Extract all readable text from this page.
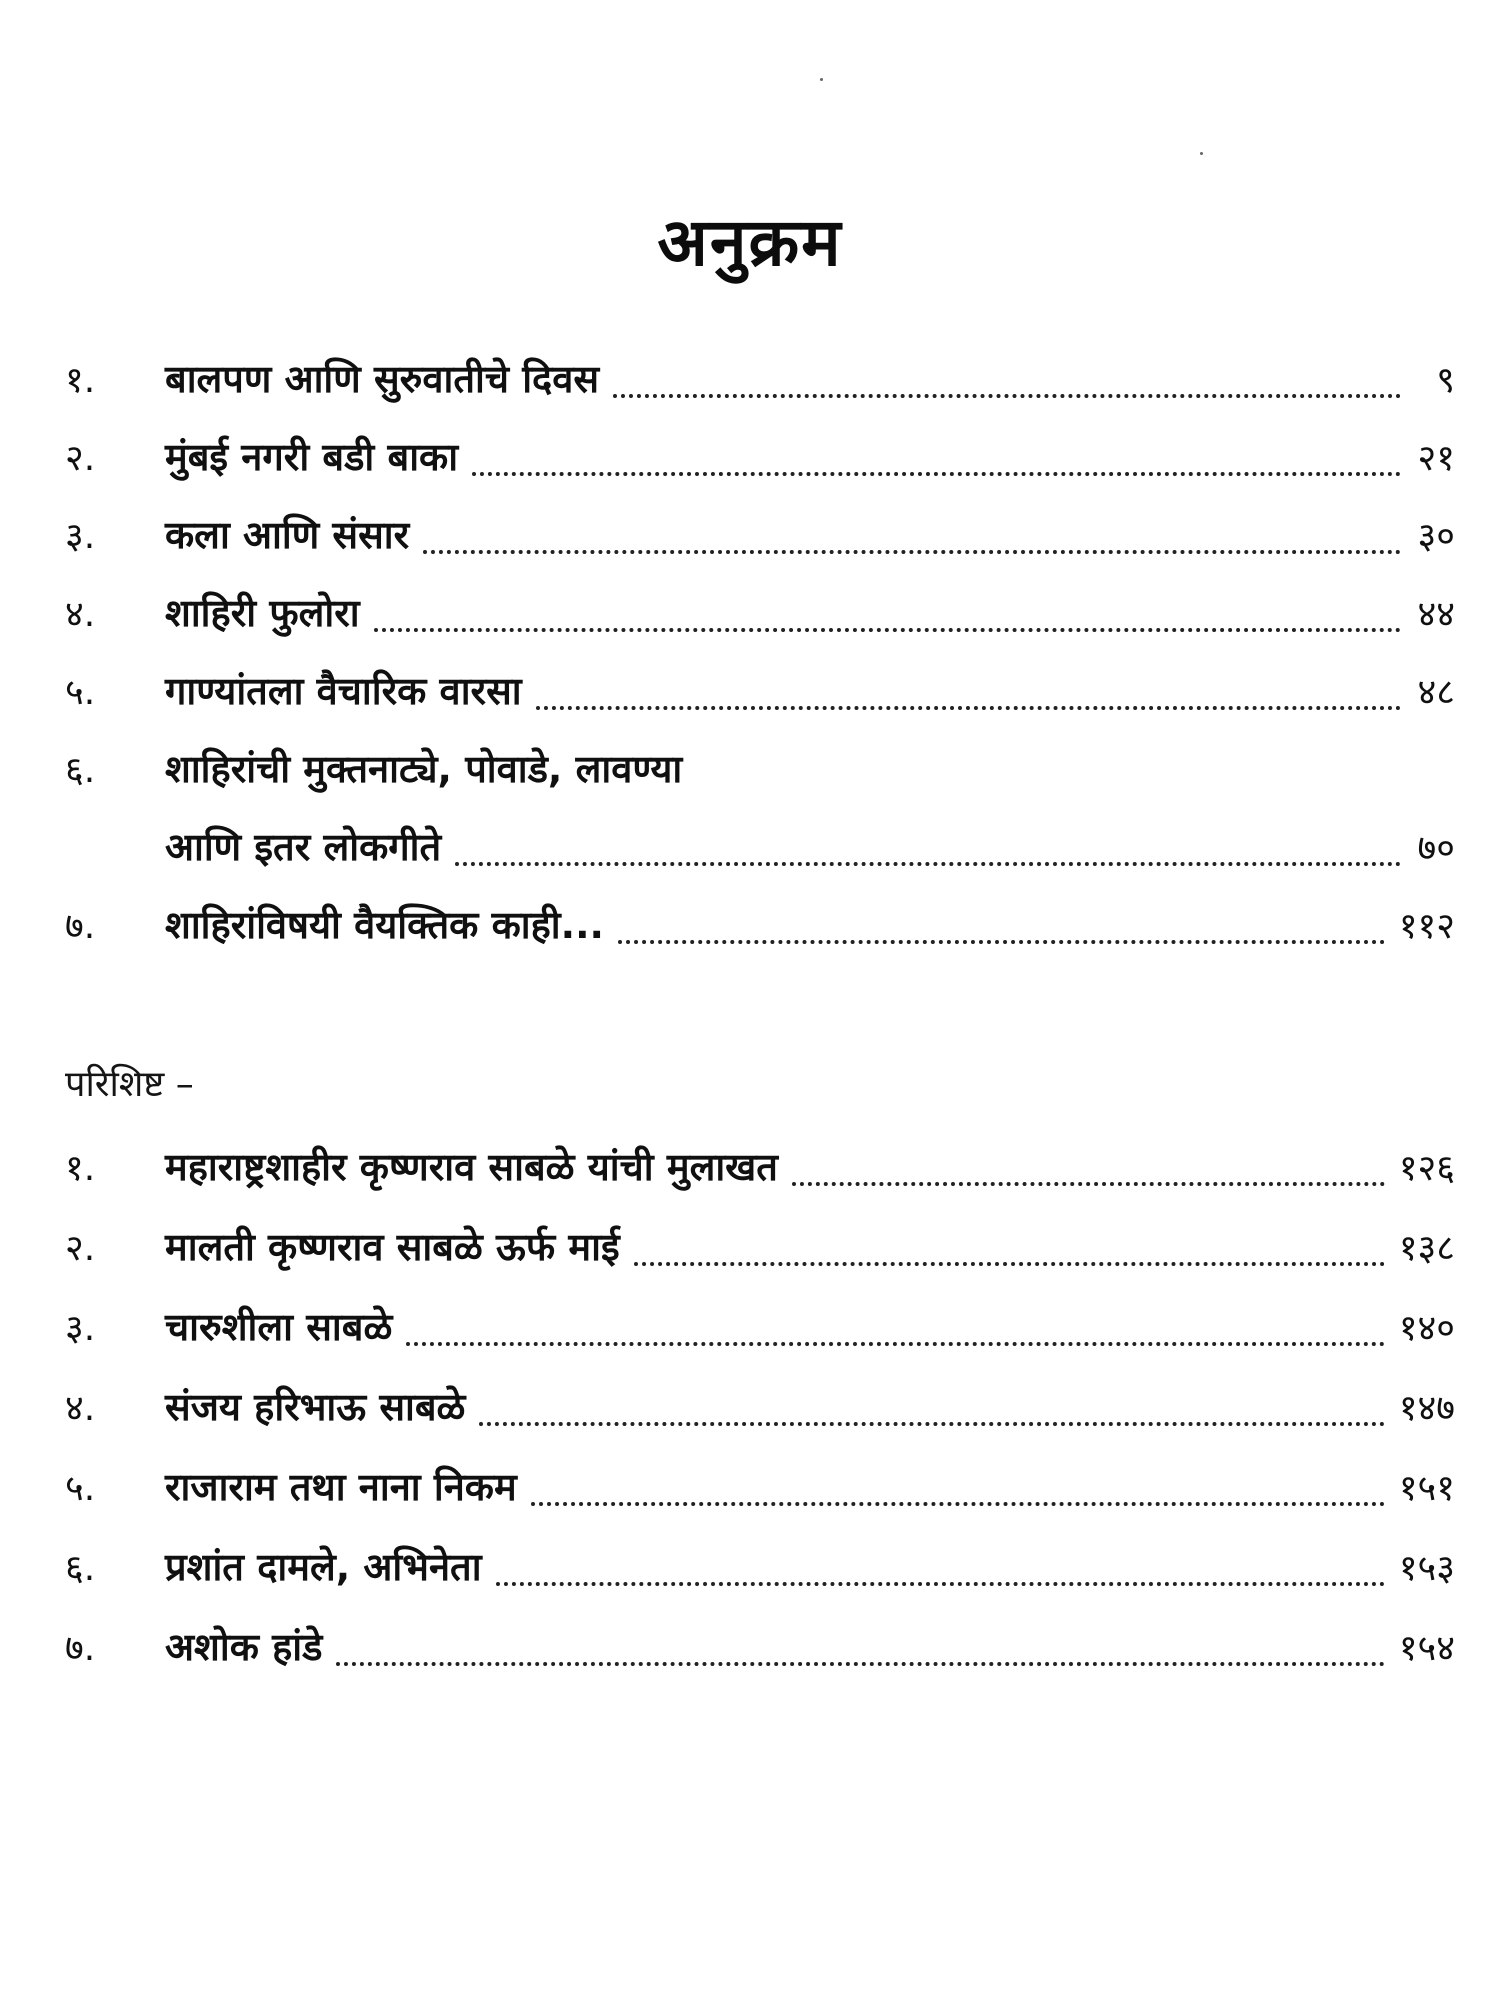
अनुक्रम
१.	बालपण आणि सुरुवातीचे दिवस	९
२.	मुंबई नगरी बडी बाका	२१
३.	कला आणि संसार	३०
४.	शाहिरी फुलोरा	४४
५.	गाण्यांतला वैचारिक वारसा	४८
६.	शाहिरांची मुक्तनाट्ये, पोवाडे, लावण्या
आणि इतर लोकगीते	७०
७.	शाहिरांविषयी वैयक्तिक काही...	११२
परिशिष्ट –
१.	महाराष्ट्रशाहीर कृष्णराव साबळे यांची मुलाखत	१२६
२.	मालती कृष्णराव साबळे ऊर्फ माई	१३८
३.	चारुशीला साबळे	१४०
४.	संजय हरिभाऊ साबळे	१४७
५.	राजाराम तथा नाना निकम	१५१
६.	प्रशांत दामले, अभिनेता	१५३
७.	अशोक हांडे	१५४
